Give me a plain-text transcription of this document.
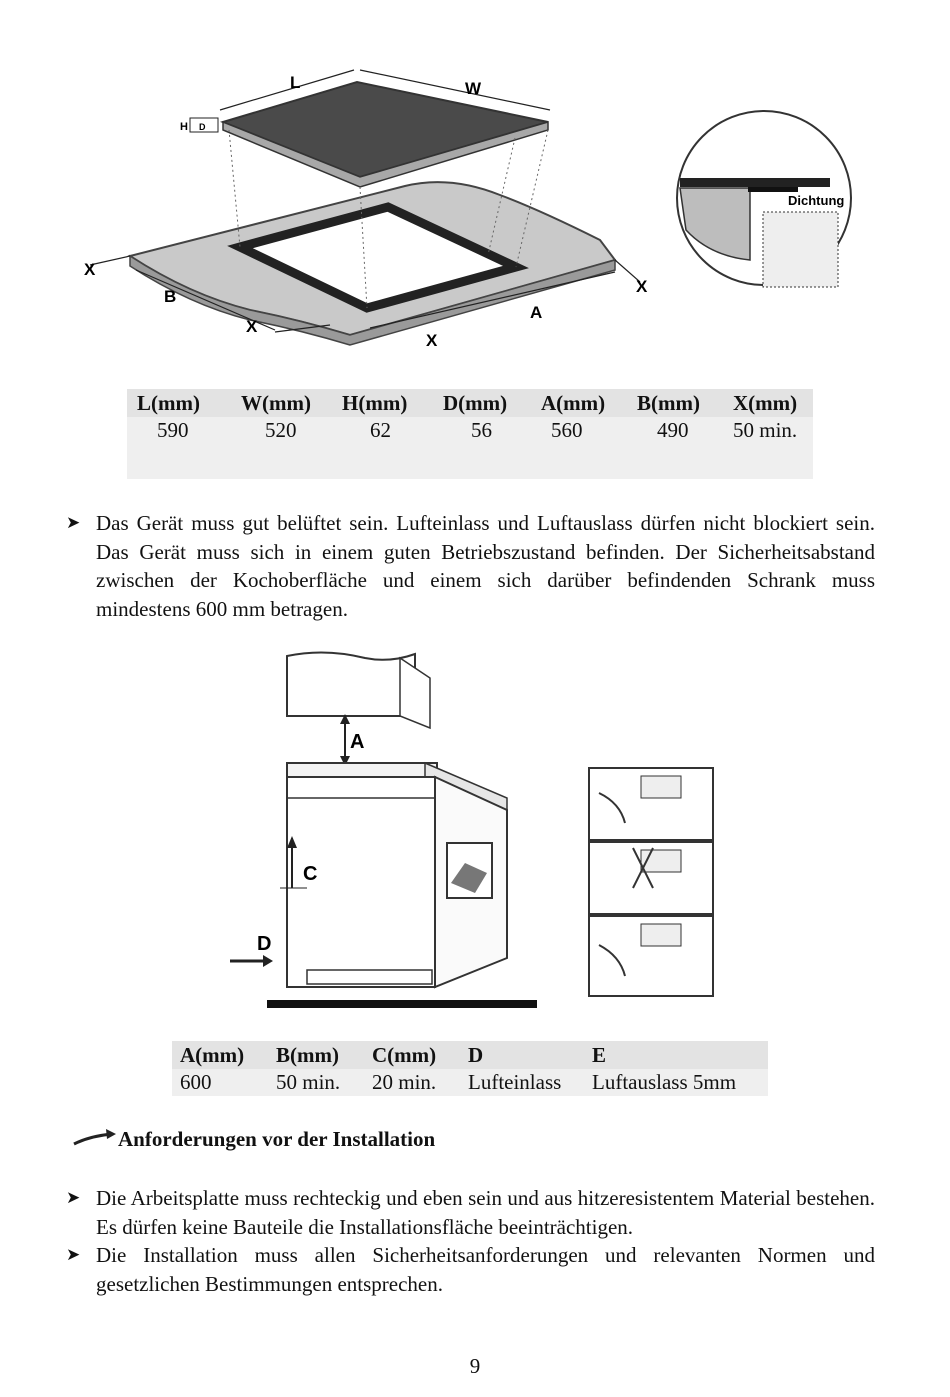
H D
L	W
X
B
X
X
A
X
Dichtung
L(mm)	W(mm)	H(mm)	D(mm)	A(mm)	B(mm)	X(mm)
590	520	62	56	560	490	50 min.
➤ Das Gerät muss gut belüftet sein. Lufteinlass und Luftauslass dürfen nicht blockiert sein. Das Gerät muss sich in einem guten Betriebszustand befinden. Der Sicherheitsabstand zwischen der Kochoberfläche und einem sich darüber befindenden Schrank muss mindestens 600 mm betragen.
A
C
D
A(mm)	B(mm)	C(mm)	D	E
600	50 min.	20 min.	Lufteinlass	Luftauslass 5mm
Anforderungen vor der Installation
➤ Die Arbeitsplatte muss rechteckig und eben sein und aus hitzeresistentem Material bestehen. Es dürfen keine Bauteile die Installationsfläche beeinträchtigen.
➤ Die Installation muss allen Sicherheitsanforderungen und relevanten Normen und gesetzlichen Bestimmungen entsprechen.
9
